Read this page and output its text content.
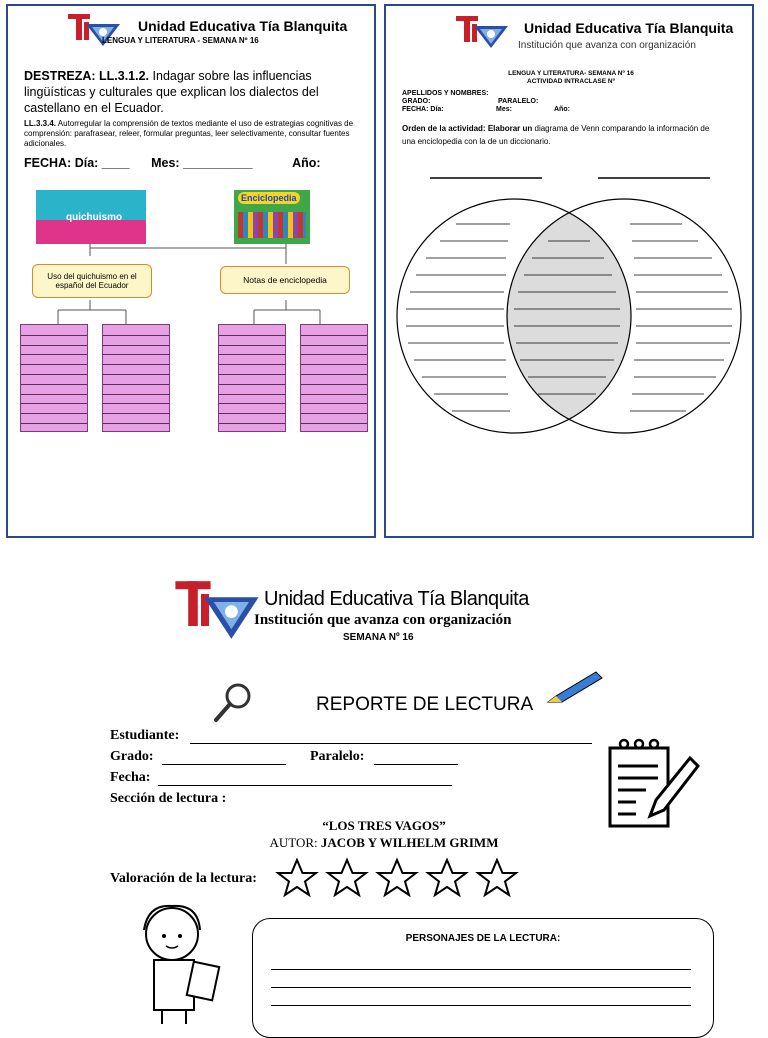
Unidad Educativa Tía Blanquita
LENGUA Y LITERATURA - SEMANA Nº 16
DESTREZA: LL.3.1.2. Indagar sobre las influencias lingüísticas y culturales que explican los dialectos del castellano en el Ecuador.
LL.3.3.4. Autorregular la comprensión de textos mediante el uso de estrategias cognitivas de comprensión: parafrasear, releer, formular preguntas, leer selectivamente, consultar fuentes adicionales.
FECHA: Día: ____ Mes: __________	Año:
quichuismo
Enciclopedia
Uso del quichuismo en el español del Ecuador
Notas de enciclopedia
Unidad Educativa Tía Blanquita
Institución que avanza con organización
LENGUA Y LITERATURA- SEMANA Nº 16
ACTIVIDAD INTRACLASE Nº
APELLIDOS Y NOMBRES:
GRADO:	PARALELO:
FECHA: Día:	Mes:	Año:
Orden de la actividad: Elaborar un diagrama de Venn comparando la información de una enciclopedia con la de un diccionario.
Unidad Educativa Tía Blanquita
Institución que avanza con organización
SEMANA Nº 16
REPORTE DE LECTURA
Estudiante:
Grado:	Paralelo:
Fecha:
Sección de lectura :
“LOS TRES VAGOS”
AUTOR: JACOB Y WILHELM GRIMM
Valoración de la lectura:
PERSONAJES DE LA LECTURA:
